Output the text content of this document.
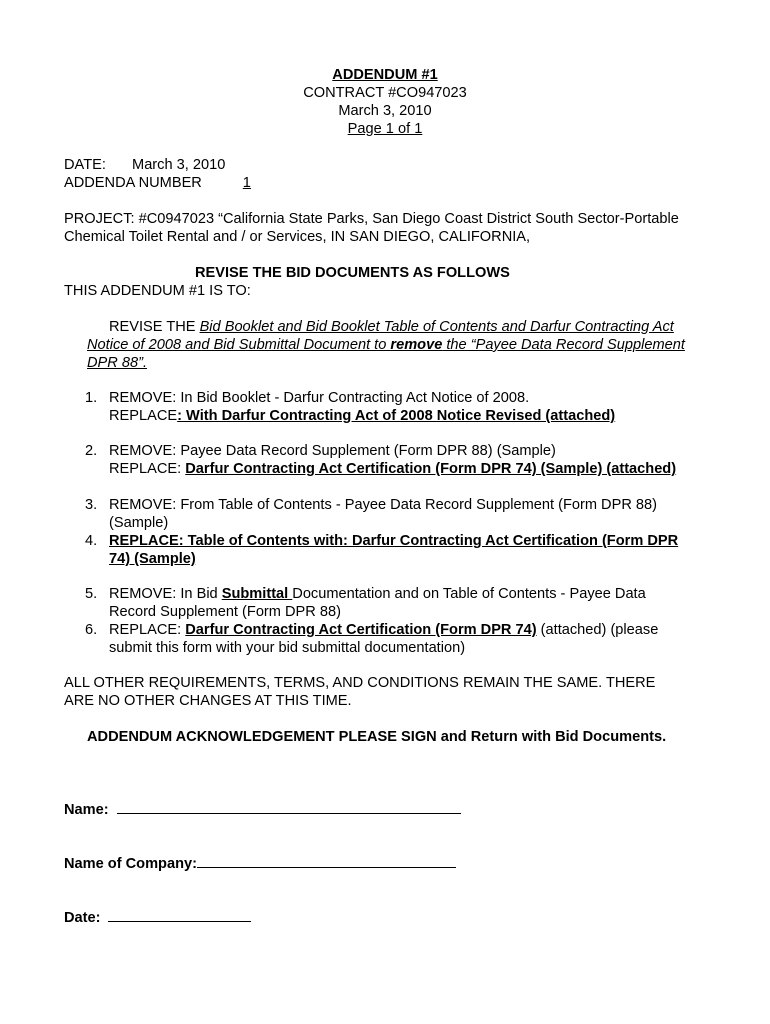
ADDENDUM #1
CONTRACT #CO947023
March 3, 2010
Page 1 of 1
DATE: March 3, 2010
ADDENDA NUMBER	1
PROJECT: #C0947023 “California State Parks, San Diego Coast District South Sector-Portable
Chemical Toilet Rental and / or Services, IN SAN DIEGO, CALIFORNIA,
REVISE THE BID DOCUMENTS AS FOLLOWS
THIS ADDENDUM #1 IS TO:
REVISE THE Bid Booklet and Bid Booklet Table of Contents and Darfur Contracting Act
Notice of 2008 and Bid Submittal Document to remove the “Payee Data Record Supplement
DPR 88”.
1. REMOVE: In Bid Booklet - Darfur Contracting Act Notice of 2008.
REPLACE: With Darfur Contracting Act of 2008 Notice Revised (attached)
2. REMOVE: Payee Data Record Supplement (Form DPR 88) (Sample)
REPLACE: Darfur Contracting Act Certification (Form DPR 74) (Sample) (attached)
3. REMOVE: From Table of Contents - Payee Data Record Supplement (Form DPR 88)
(Sample)
4. REPLACE: Table of Contents with: Darfur Contracting Act Certification (Form DPR
74) (Sample)
5. REMOVE: In Bid Submittal Documentation and on Table of Contents - Payee Data
Record Supplement (Form DPR 88)
6. REPLACE: Darfur Contracting Act Certification (Form DPR 74) (attached) (please
submit this form with your bid submittal documentation)
ALL OTHER REQUIREMENTS, TERMS, AND CONDITIONS REMAIN THE SAME. THERE
ARE NO OTHER CHANGES AT THIS TIME.
ADDENDUM ACKNOWLEDGEMENT PLEASE SIGN and Return with Bid Documents.
Name:
Name of Company:
Date:
